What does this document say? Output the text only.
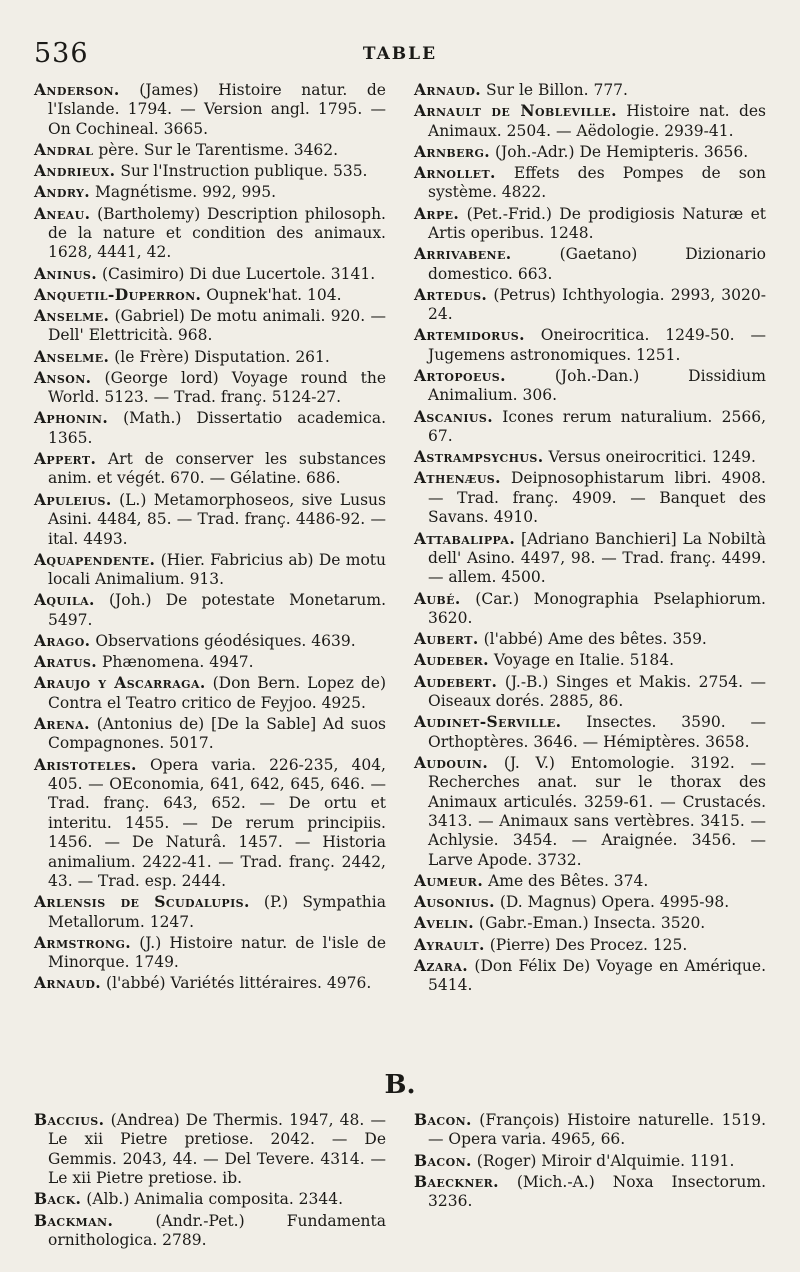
536	TABLE

Anderson. (James) Histoire natur. de l'Islande. 1794. — Version angl. 1795. — On Cochineal. 3665.

Andral père. Sur le Tarentisme. 3462.

Andrieux. Sur l'Instruction publique. 535.

Andry. Magnétisme. 992, 995.

Aneau. (Bartholemy) Description philosoph. de la nature et condition des animaux. 1628, 4441, 42.

Aninus. (Casimiro) Di due Lucertole. 3141.

Anquetil-Duperron. Oupnek'hat. 104.

Anselme. (Gabriel) De motu animali. 920. — Dell' Elettricità. 968.

Anselme. (le Frère) Disputation. 261.

Anson. (George lord) Voyage round the World. 5123. — Trad. franç. 5124-27.

Aphonin. (Math.) Dissertatio academica. 1365.

Appert. Art de conserver les substances anim. et végét. 670. — Gélatine. 686.

Apuleius. (L.) Metamorphoseos, sive Lusus Asini. 4484, 85. — Trad. franç. 4486-92. — ital. 4493.

Aquapendente. (Hier. Fabricius ab) De motu locali Animalium. 913.

Aquila. (Joh.) De potestate Monetarum. 5497.

Arago. Observations géodésiques. 4639.

Aratus. Phænomena. 4947.

Araujo y Ascarraga. (Don Bern. Lopez de) Contra el Teatro critico de Feyjoo. 4925.

Arena. (Antonius de) [De la Sable] Ad suos Compagnones. 5017.

Aristoteles. Opera varia. 226-235, 404, 405. — OEconomia, 641, 642, 645, 646. — Trad. franç. 643, 652. — De ortu et interitu. 1455. — De rerum principiis. 1456. — De Naturâ. 1457. — Historia animalium. 2422-41. — Trad. franç. 2442, 43. — Trad. esp. 2444.

Arlensis de Scudalupis. (P.) Sympathia Metallorum. 1247.

Armstrong. (J.) Histoire natur. de l'isle de Minorque. 1749.

Arnaud. (l'abbé) Variétés littéraires. 4976.

Arnaud. Sur le Billon. 777.

Arnault de Nobleville. Histoire nat. des Animaux. 2504. — Aëdologie. 2939-41.

Arnberg. (Joh.-Adr.) De Hemipteris. 3656.

Arnollet. Effets des Pompes de son système. 4822.

Arpe. (Pet.-Frid.) De prodigiosis Naturæ et Artis operibus. 1248.

Arrivabene.	(Gaetano) Dizionario domestico. 663.

Artedus. (Petrus) Ichthyologia. 2993, 3020-24.

Artemidorus. Oneirocritica. 1249-50. — Jugemens astronomiques. 1251.

Artopoeus.	(Joh.-Dan.) Dissidium Animalium. 306.

Ascanius. Icones rerum naturalium. 2566, 67.

Astrampsychus. Versus oneirocritici. 1249.

Athenæus. Deipnosophistarum libri. 4908. — Trad. franç. 4909. — Banquet des Savans. 4910.

Attabalippa. [Adriano Banchieri] La Nobiltà dell' Asino. 4497, 98. — Trad. franç. 4499. — allem. 4500.

Aubé. (Car.) Monographia Pselaphiorum. 3620.

Aubert. (l'abbé) Ame des bêtes. 359.

Audeber. Voyage en Italie. 5184.

Audebert. (J.-B.) Singes et Makis. 2754. — Oiseaux dorés. 2885, 86.

Audinet-Serville. Insectes. 3590. — Orthoptères. 3646. — Hémiptères. 3658.

Audouin. (J. V.) Entomologie. 3192. — Recherches anat. sur le thorax des Animaux articulés. 3259-61. — Crustacés. 3413. — Animaux sans vertèbres. 3415. — Achlysie. 3454. — Araignée. 3456. — Larve Apode. 3732.

Aumeur. Ame des Bêtes. 374.

Ausonius. (D. Magnus) Opera. 4995-98.

Avelin. (Gabr.-Eman.) Insecta. 3520.

Ayrault. (Pierre) Des Procez. 125.

Azara. (Don Félix De) Voyage en Amérique. 5414.

B.

Baccius. (Andrea) De Thermis. 1947, 48. — Le xii Pietre pretiose. 2042. — De Gemmis. 2043, 44. — Del Tevere. 4314. — Le xii Pietre pretiose. ib.

Back. (Alb.) Animalia composita. 2344.

Backman.	(Andr.-Pet.) Fundamenta ornithologica. 2789.

Bacon. (François) Histoire naturelle. 1519. — Opera varia. 4965, 66.

Bacon. (Roger) Miroir d'Alquimie. 1191.

Baeckner. (Mich.-A.) Noxa Insectorum. 3236.
